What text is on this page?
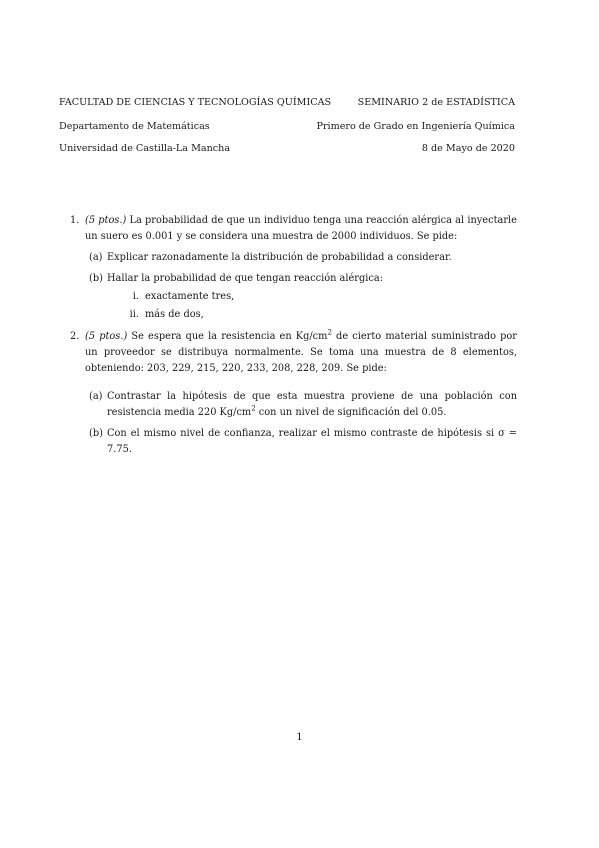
FACULTAD DE CIENCIAS Y TECNOLOGÍAS QUÍMICAS	SEMINARIO 2 de ESTADÍSTICA
Departamento de Matemáticas	Primero de Grado en Ingeniería Química
Universidad de Castilla-La Mancha	8 de Mayo de 2020
1. (5 ptos.) La probabilidad de que un individuo tenga una reacción alérgica al inyectarle un suero es 0.001 y se considera una muestra de 2000 individuos. Se pide:
(a) Explicar razonadamente la distribución de probabilidad a considerar.
(b) Hallar la probabilidad de que tengan reacción alérgica:
i. exactamente tres,
ii. más de dos,
2. (5 ptos.) Se espera que la resistencia en $Kg/cm^2$ de cierto material suministrado por un proveedor se distribuya normalmente. Se toma una muestra de 8 elementos, obteniendo: 203, 229, 215, 220, 233, 208, 228, 209. Se pide:
(a) Contrastar la hipótesis de que esta muestra proviene de una población con resistencia media 220 $Kg/cm^2$ con un nivel de significación del 0.05.
(b) Con el mismo nivel de confianza, realizar el mismo contraste de hipótesis si σ = 7.75.
1
